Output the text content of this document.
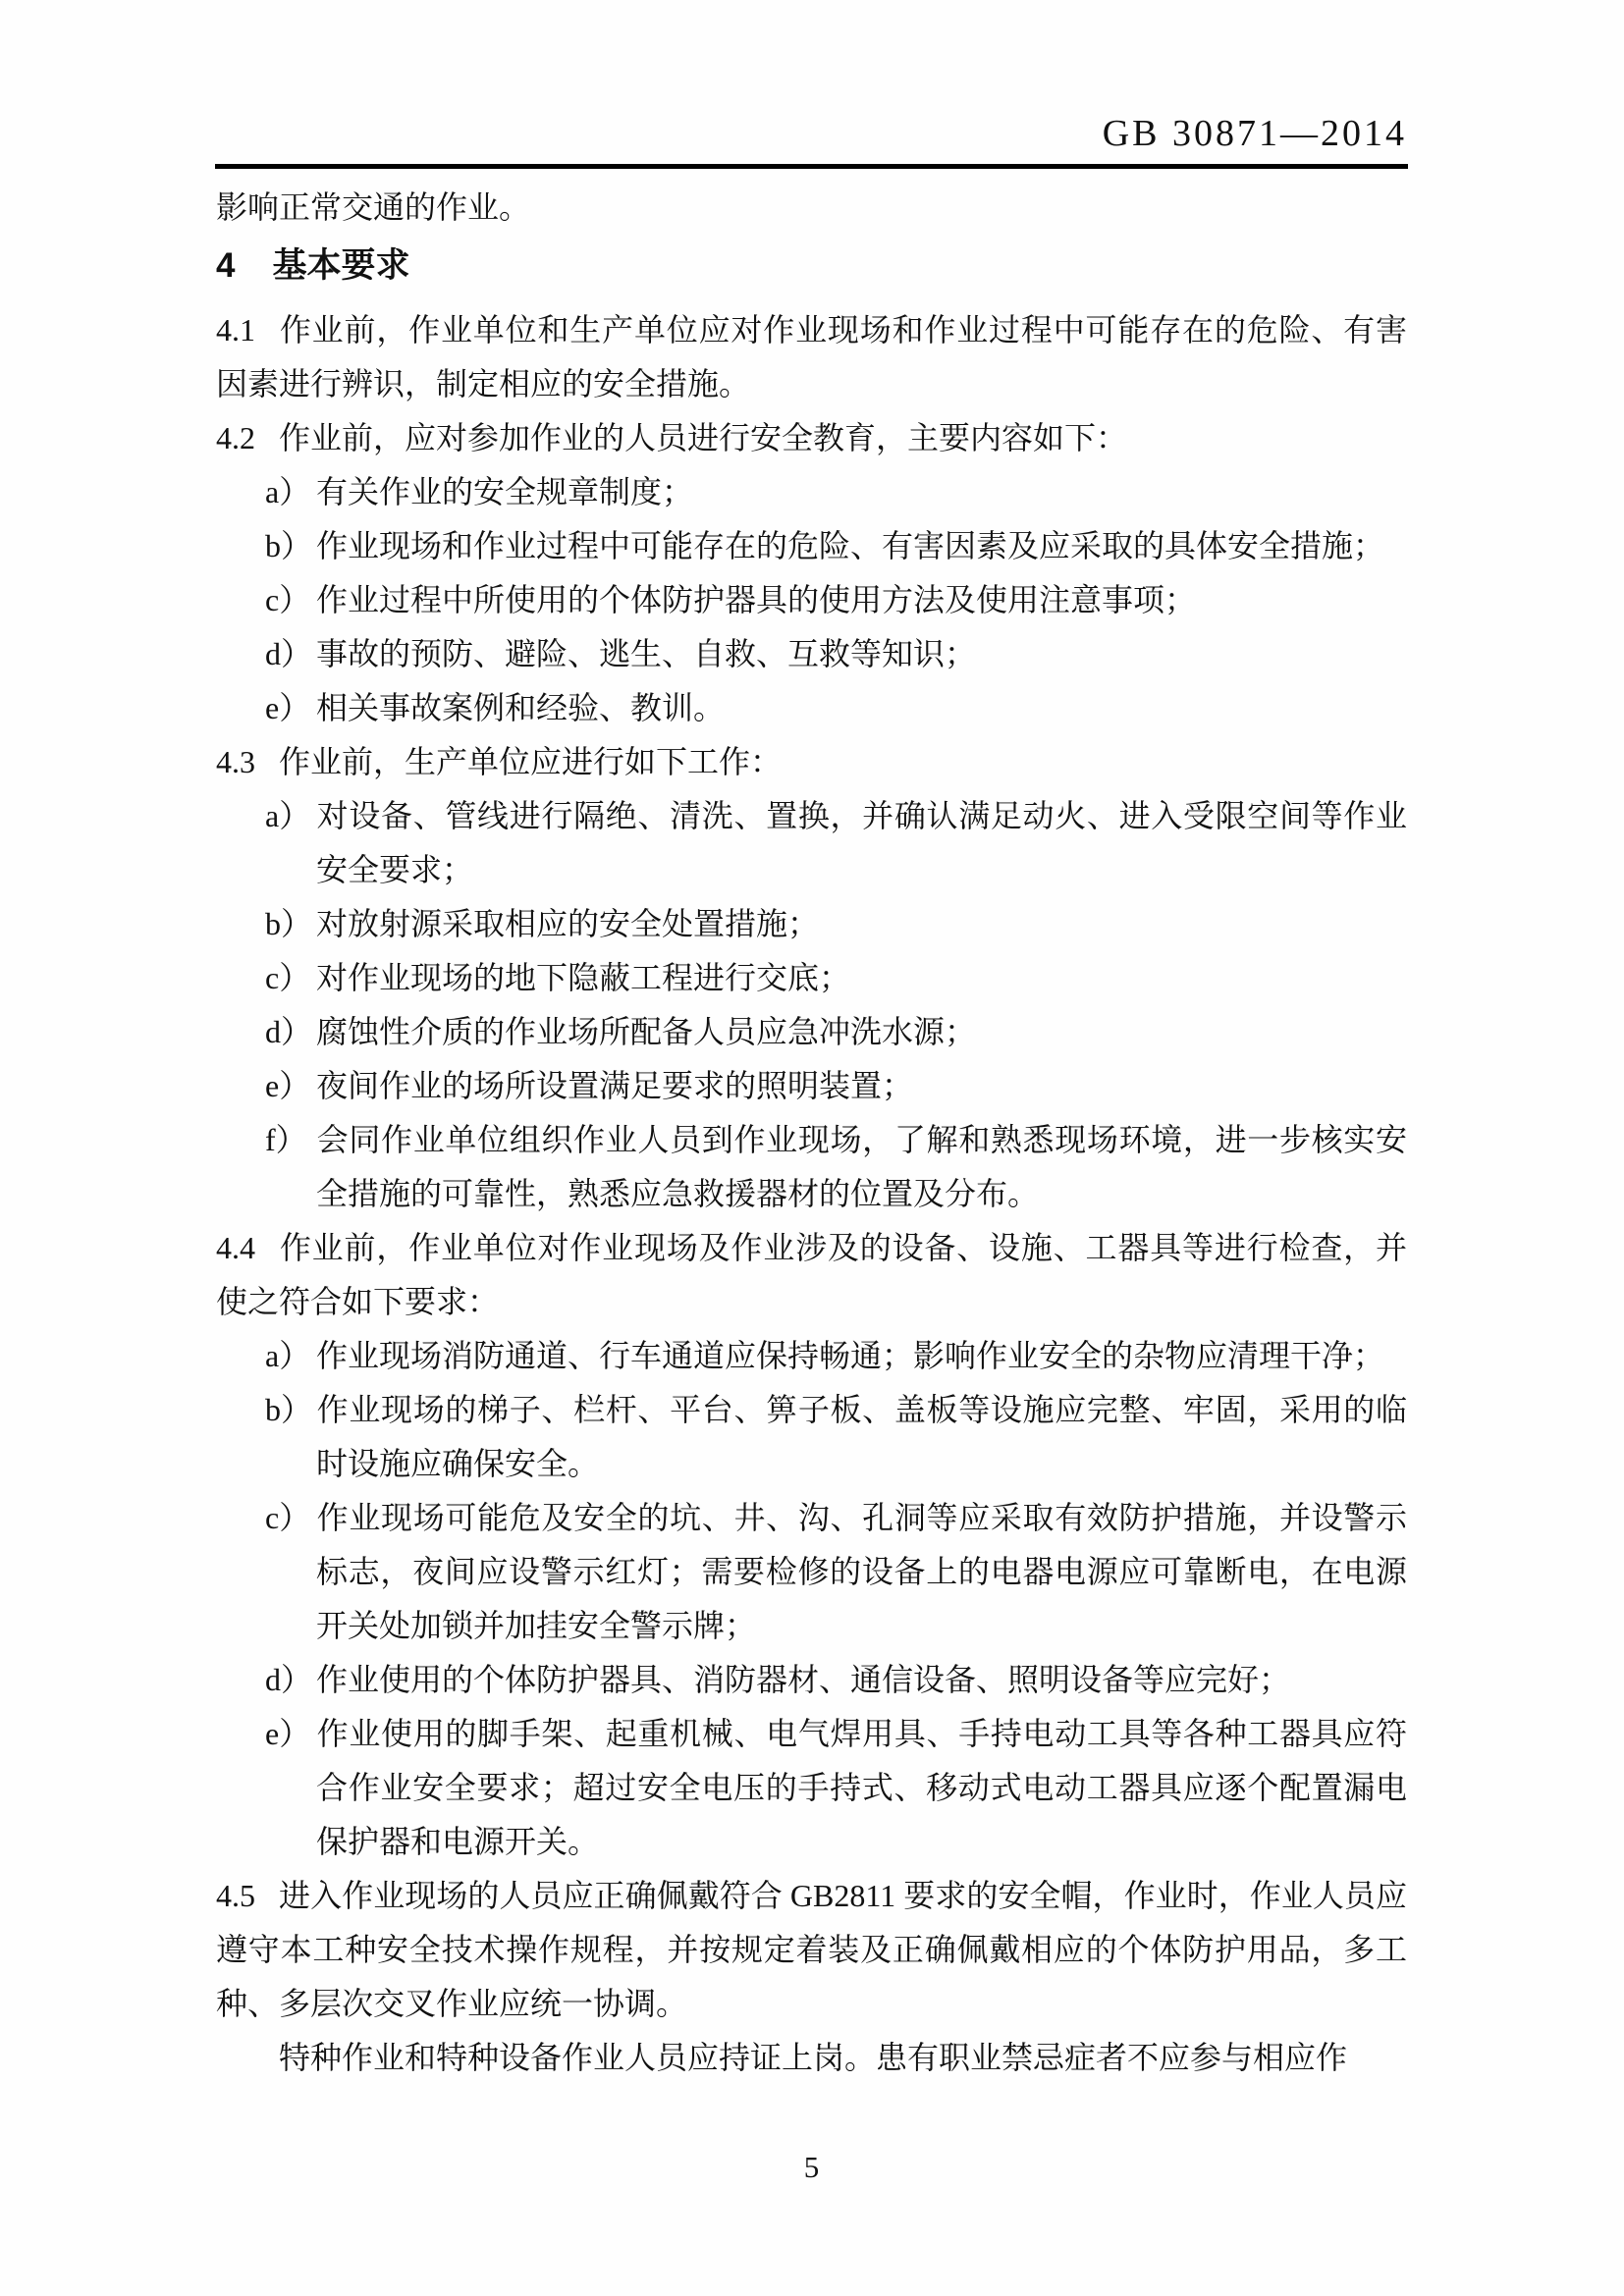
GB 30871—2014

影响正常交通的作业。

4 基本要求

4.1 作业前，作业单位和生产单位应对作业现场和作业过程中可能存在的危险、有害因素进行辨识，制定相应的安全措施。

4.2 作业前，应对参加作业的人员进行安全教育，主要内容如下：

a） 有关作业的安全规章制度；

b） 作业现场和作业过程中可能存在的危险、有害因素及应采取的具体安全措施；

c） 作业过程中所使用的个体防护器具的使用方法及使用注意事项；

d） 事故的预防、避险、逃生、自救、互救等知识；

e） 相关事故案例和经验、教训。

4.3 作业前，生产单位应进行如下工作：

a） 对设备、管线进行隔绝、清洗、置换，并确认满足动火、进入受限空间等作业安全要求；

b） 对放射源采取相应的安全处置措施；

c） 对作业现场的地下隐蔽工程进行交底；

d） 腐蚀性介质的作业场所配备人员应急冲洗水源；

e） 夜间作业的场所设置满足要求的照明装置；

f） 会同作业单位组织作业人员到作业现场，了解和熟悉现场环境，进一步核实安全措施的可靠性，熟悉应急救援器材的位置及分布。

4.4 作业前，作业单位对作业现场及作业涉及的设备、设施、工器具等进行检查，并使之符合如下要求：

a） 作业现场消防通道、行车通道应保持畅通；影响作业安全的杂物应清理干净；

b） 作业现场的梯子、栏杆、平台、箅子板、盖板等设施应完整、牢固，采用的临时设施应确保安全。

c） 作业现场可能危及安全的坑、井、沟、孔洞等应采取有效防护措施，并设警示标志，夜间应设警示红灯；需要检修的设备上的电器电源应可靠断电，在电源开关处加锁并加挂安全警示牌；

d） 作业使用的个体防护器具、消防器材、通信设备、照明设备等应完好；

e） 作业使用的脚手架、起重机械、电气焊用具、手持电动工具等各种工器具应符合作业安全要求；超过安全电压的手持式、移动式电动工器具应逐个配置漏电保护器和电源开关。

4.5 进入作业现场的人员应正确佩戴符合 GB2811 要求的安全帽，作业时，作业人员应遵守本工种安全技术操作规程，并按规定着装及正确佩戴相应的个体防护用品，多工种、多层次交叉作业应统一协调。

特种作业和特种设备作业人员应持证上岗。患有职业禁忌症者不应参与相应作

5
